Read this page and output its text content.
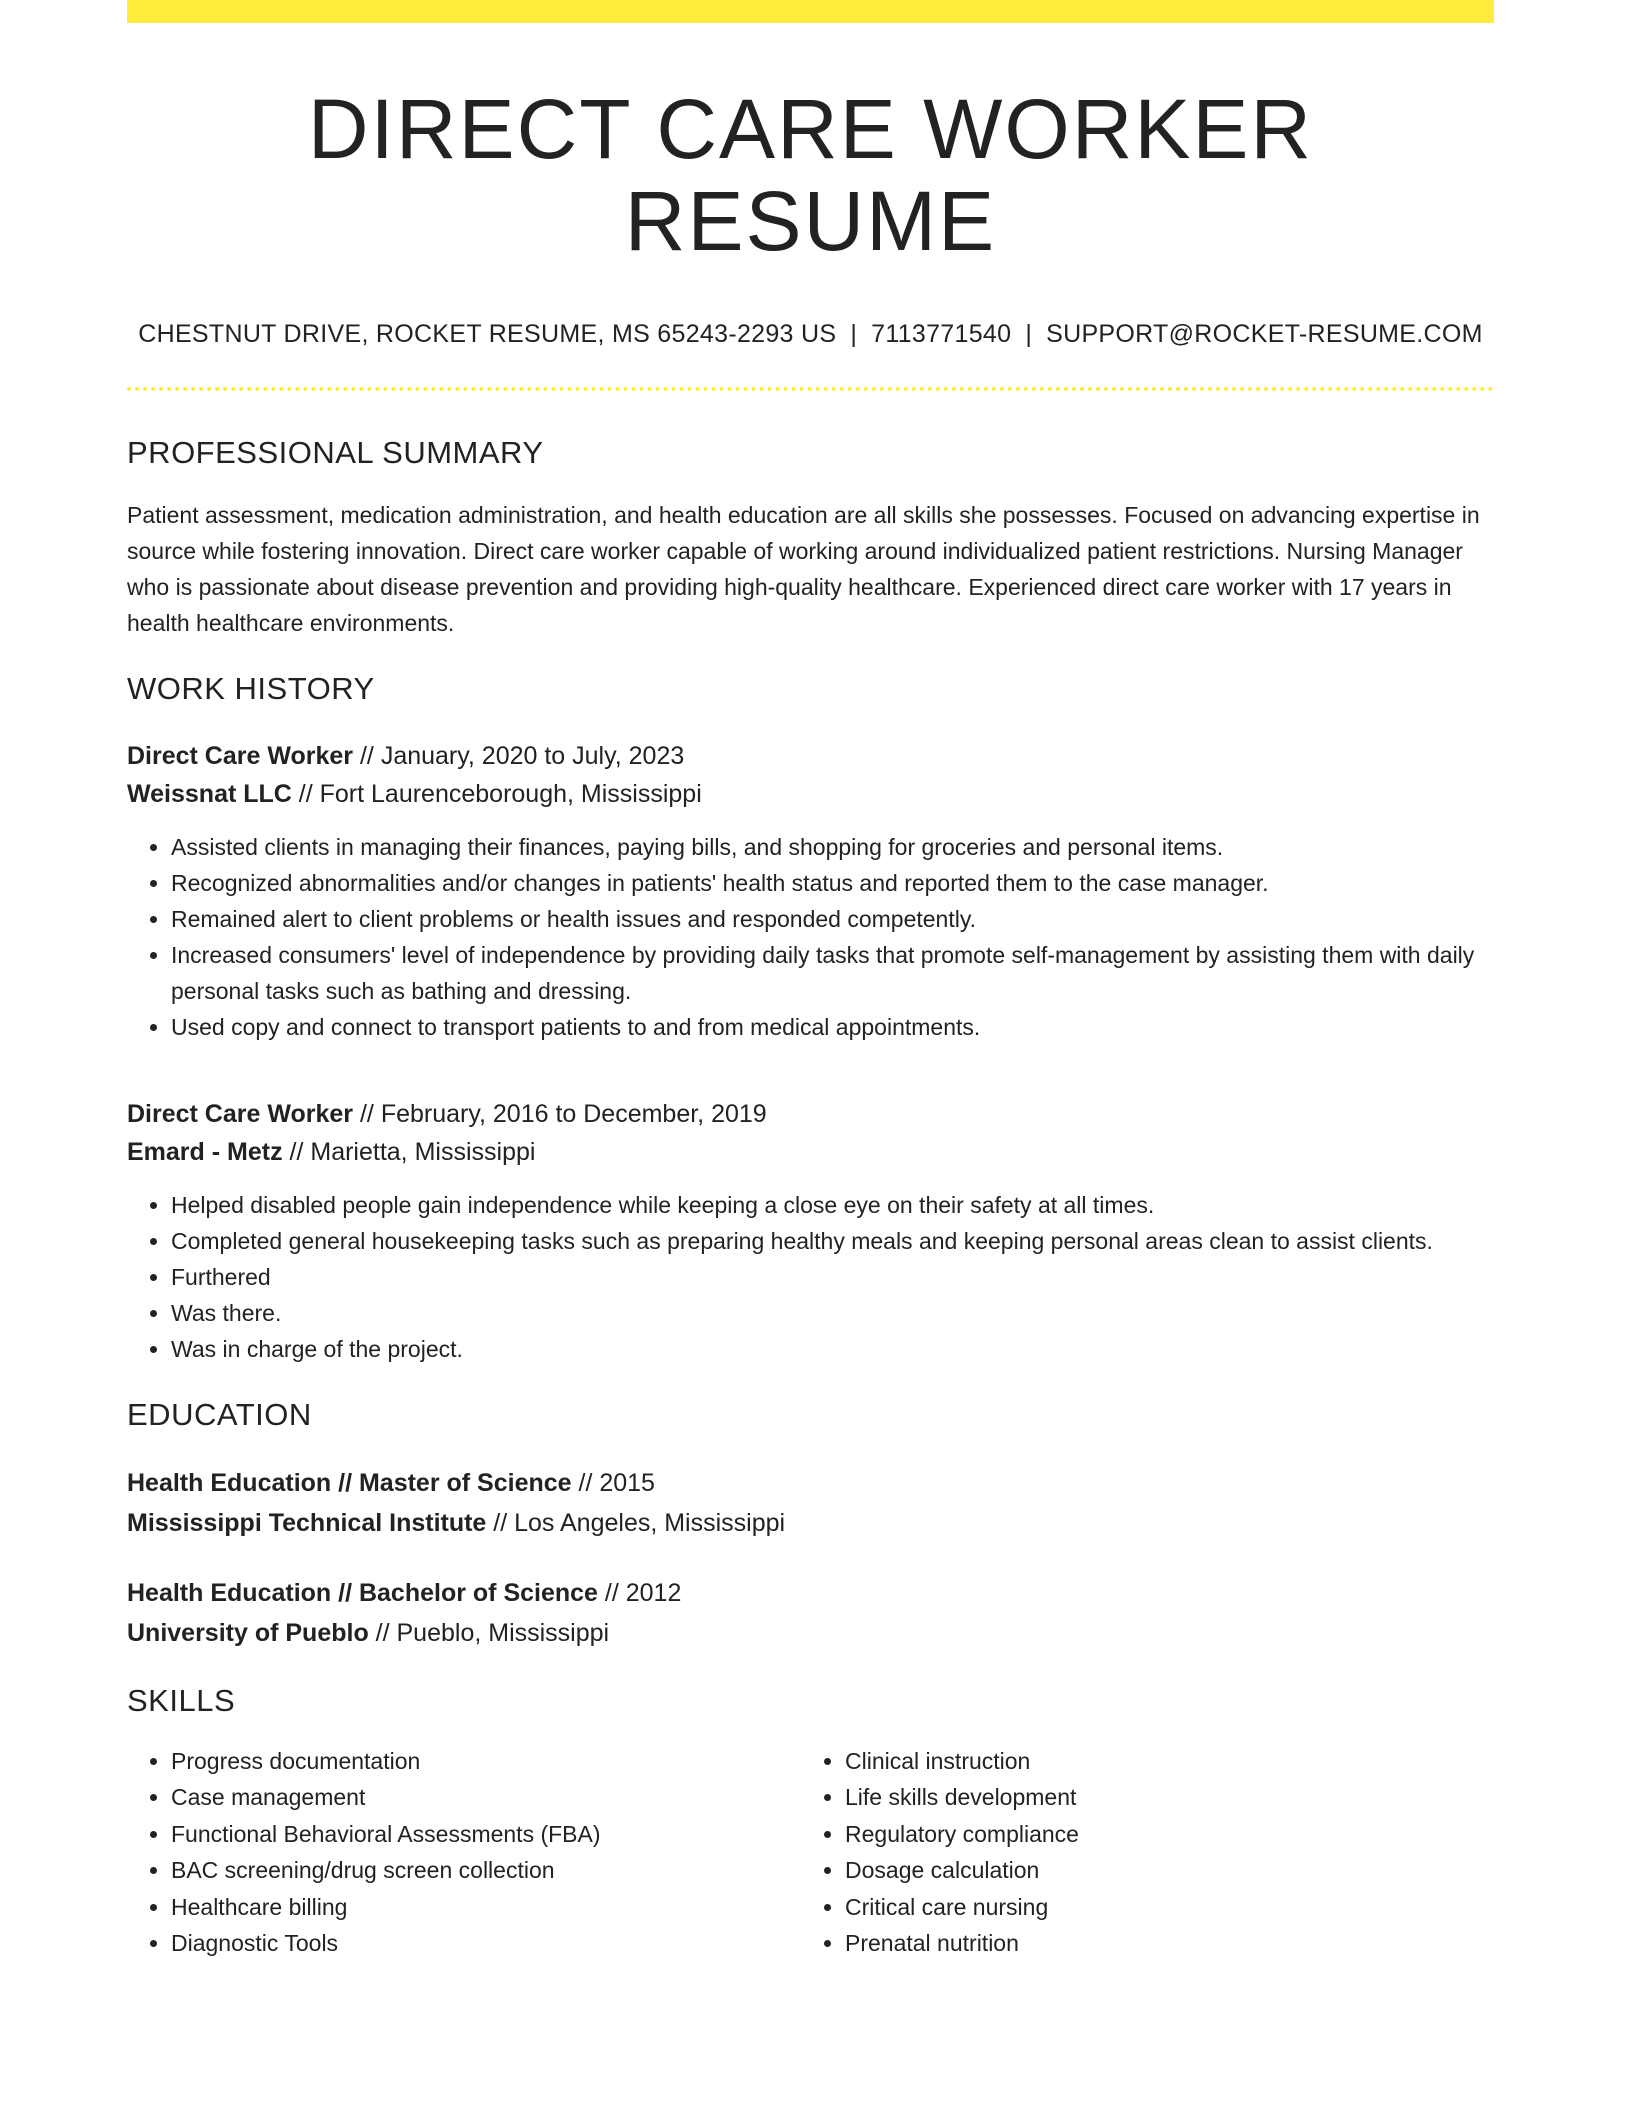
DIRECT CARE WORKER RESUME
CHESTNUT DRIVE, ROCKET RESUME, MS 65243-2293 US | 7113771540 | SUPPORT@ROCKET-RESUME.COM
PROFESSIONAL SUMMARY

Patient assessment, medication administration, and health education are all skills she possesses. Focused on advancing expertise in source while fostering innovation. Direct care worker capable of working around individualized patient restrictions. Nursing Manager who is passionate about disease prevention and providing high-quality healthcare. Experienced direct care worker with 17 years in health healthcare environments.

WORK HISTORY
Direct Care Worker // January, 2020 to July, 2023
Weissnat LLC // Fort Laurenceborough, Mississippi
• Assisted clients in managing their finances, paying bills, and shopping for groceries and personal items.
• Recognized abnormalities and/or changes in patients' health status and reported them to the case manager.
• Remained alert to client problems or health issues and responded competently.
• Increased consumers' level of independence by providing daily tasks that promote self-management by assisting them with daily personal tasks such as bathing and dressing.
• Used copy and connect to transport patients to and from medical appointments.
Direct Care Worker // February, 2016 to December, 2019
Emard - Metz // Marietta, Mississippi
• Helped disabled people gain independence while keeping a close eye on their safety at all times.
• Completed general housekeeping tasks such as preparing healthy meals and keeping personal areas clean to assist clients.
• Furthered
• Was there.
• Was in charge of the project.
EDUCATION
Health Education // Master of Science // 2015
Mississippi Technical Institute // Los Angeles, Mississippi
Health Education // Bachelor of Science // 2012
University of Pueblo // Pueblo, Mississippi
SKILLS
• Progress documentation
• Case management
• Functional Behavioral Assessments (FBA)
• BAC screening/drug screen collection
• Healthcare billing
• Diagnostic Tools
• Clinical instruction
• Life skills development
• Regulatory compliance
• Dosage calculation
• Critical care nursing
• Prenatal nutrition
